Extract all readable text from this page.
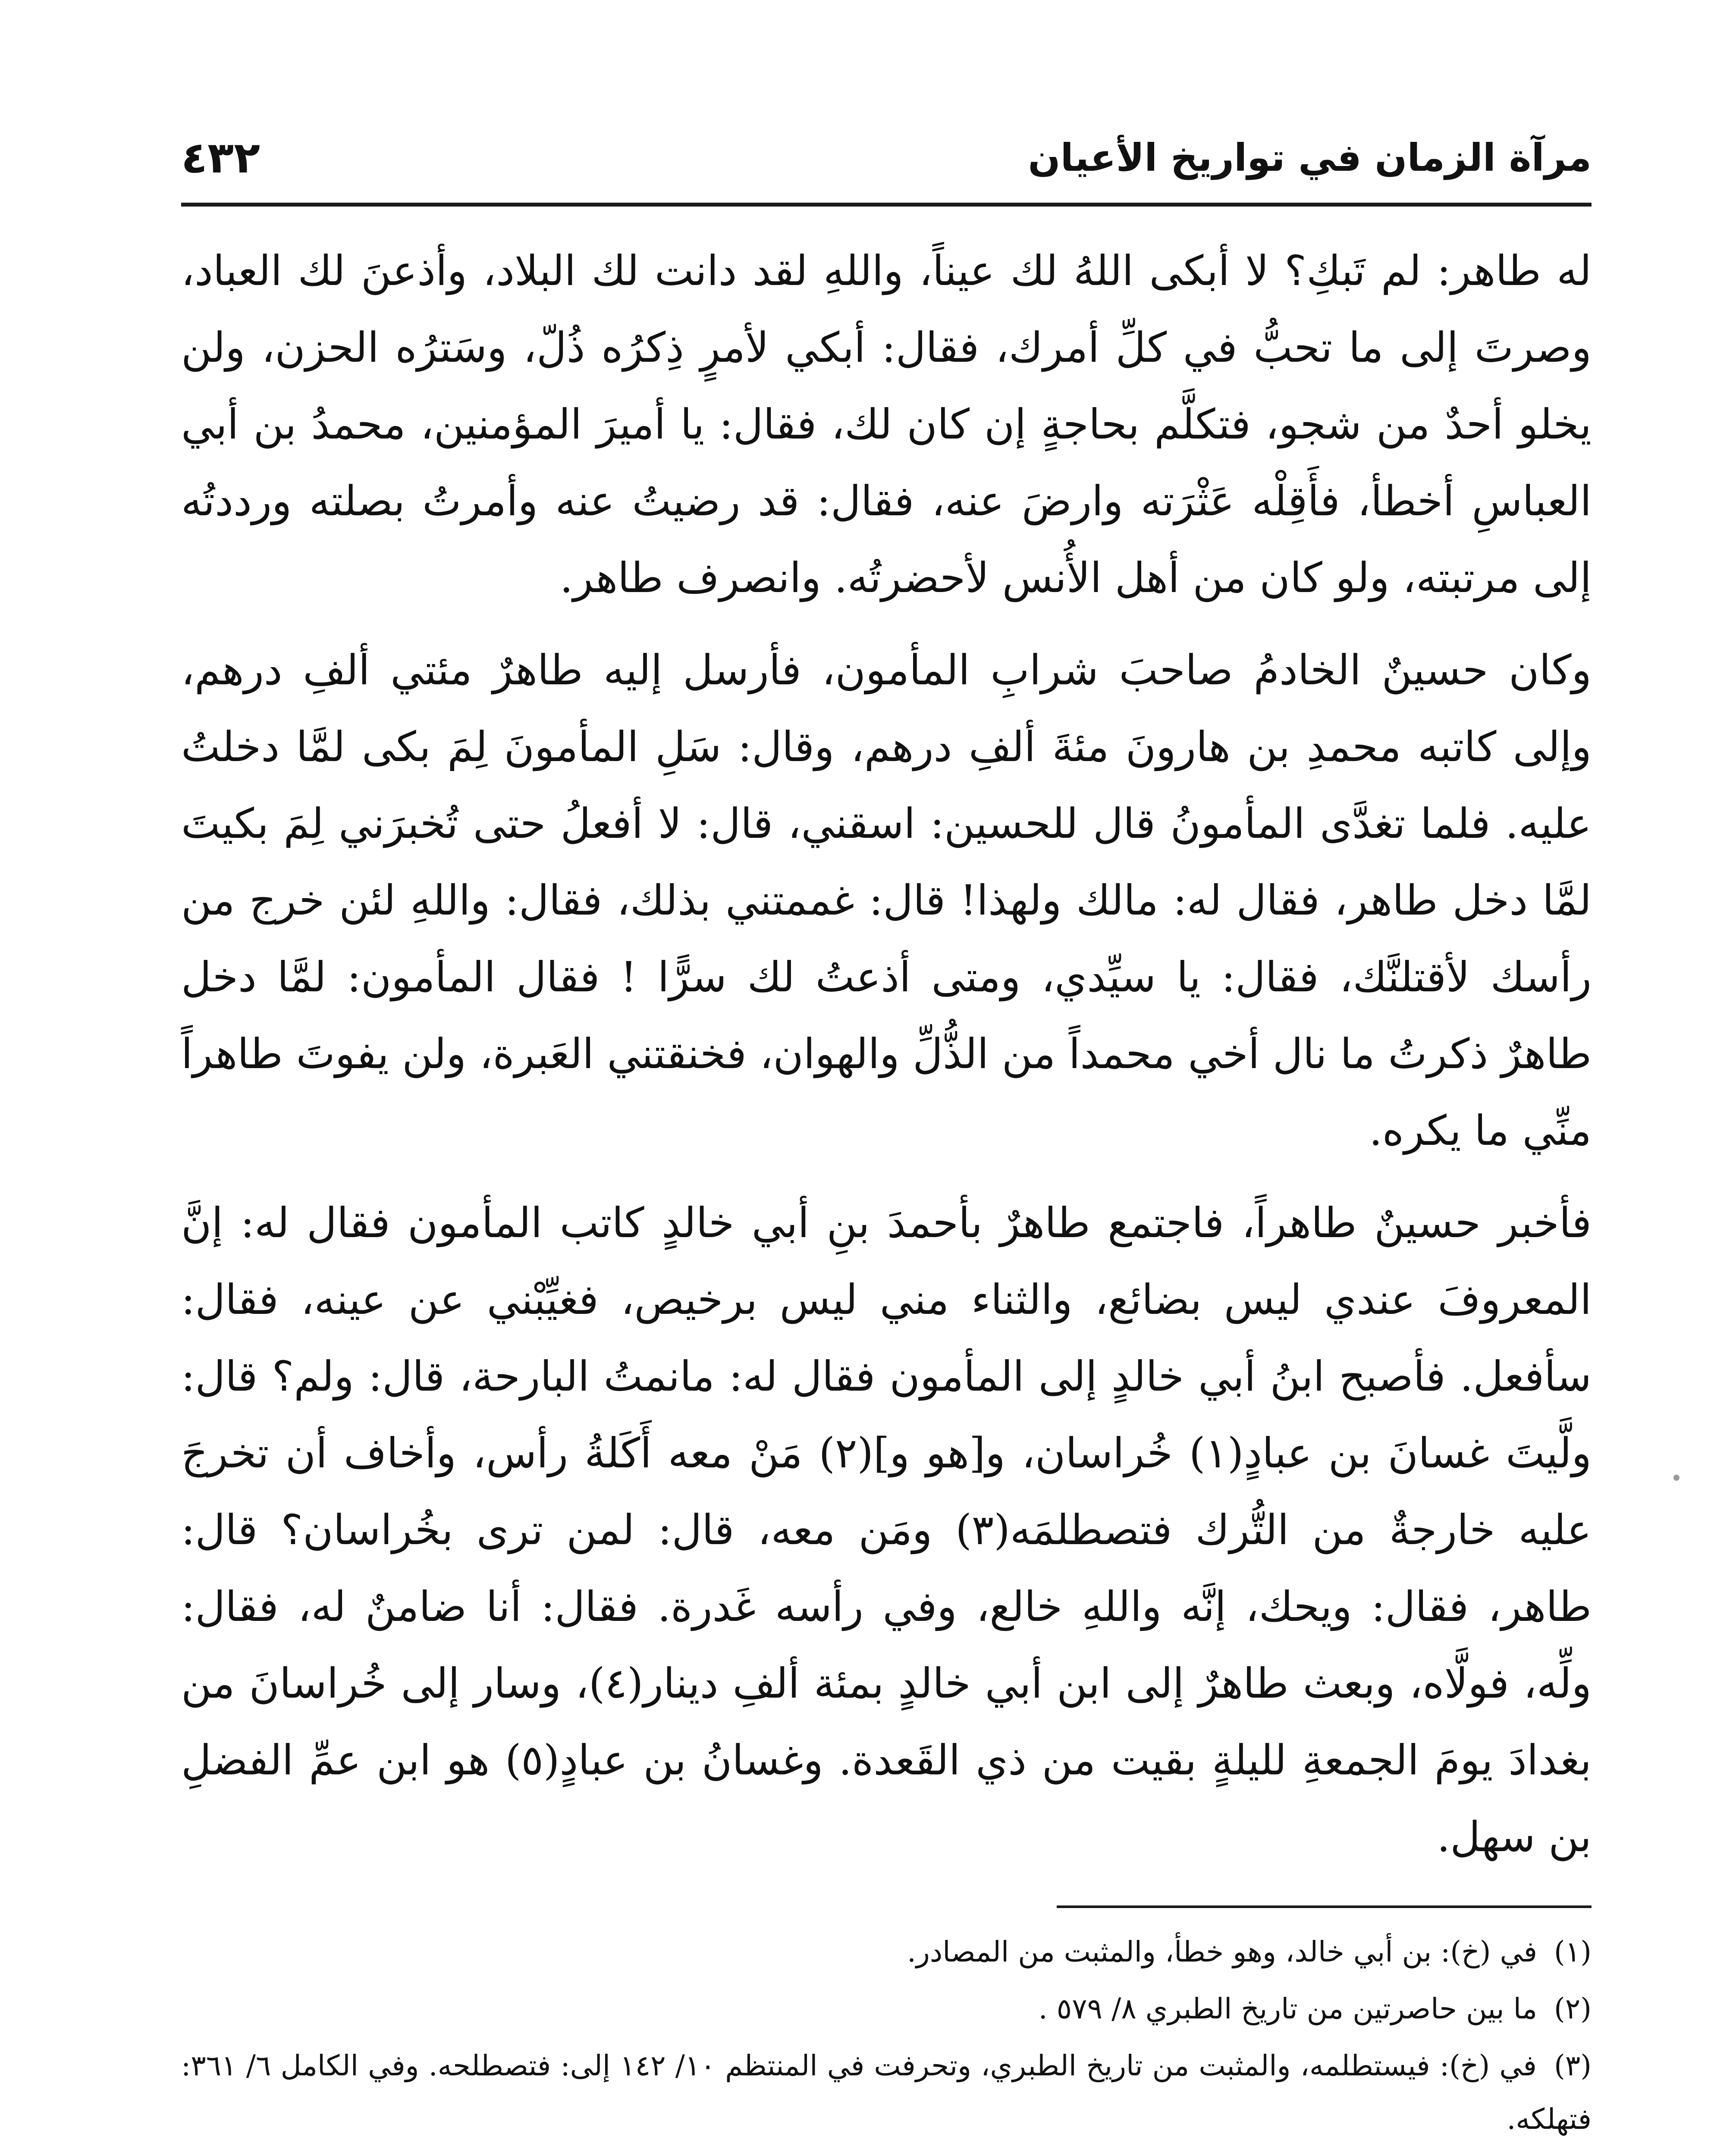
مرآة الزمان في تواريخ الأعيان
٤٣٢

له طاهر: لم تَبكِ؟ لا أبكى اللهُ لك عيناً، واللهِ لقد دانت لك البلاد، وأذعنَ لك العباد، وصرتَ إلى ما تحبُّ في كلِّ أمرك، فقال: أبكي لأمرٍ ذِكرُه ذُلّ، وسَترُه الحزن، ولن يخلو أحدٌ من شجو، فتكلَّم بحاجةٍ إن كان لك، فقال: يا أميرَ المؤمنين، محمدُ بن أبي العباسِ أخطأ، فأَقِلْه عَثْرَته وارضَ عنه، فقال: قد رضيتُ عنه وأمرتُ بصلته ورددتُه إلى مرتبته، ولو كان من أهل الأُنس لأحضرتُه. وانصرف طاهر.

وكان حسينٌ الخادمُ صاحبَ شرابِ المأمون، فأرسل إليه طاهرٌ مئتي ألفِ درهم، وإلى كاتبه محمدِ بن هارونَ مئةَ ألفِ درهم، وقال: سَلِ المأمونَ لِمَ بكى لمَّا دخلتُ عليه. فلما تغدَّى المأمونُ قال للحسين: اسقني، قال: لا أفعلُ حتى تُخبرَني لِمَ بكيتَ لمَّا دخل طاهر، فقال له: مالك ولهذا! قال: غممتني بذلك، فقال: واللهِ لئن خرج من رأسك لأقتلنَّك، فقال: يا سيِّدي، ومتى أذعتُ لك سرًّا ! فقال المأمون: لمَّا دخل طاهرٌ ذكرتُ ما نال أخي محمداً من الذُّلِّ والهوان، فخنقتني العَبرة، ولن يفوتَ طاهراً منِّي ما يكره.

فأخبر حسينٌ طاهراً، فاجتمع طاهرٌ بأحمدَ بنِ أبي خالدٍ كاتب المأمون فقال له: إنَّ المعروفَ عندي ليس بضائع، والثناء مني ليس برخيص، فغيِّبْني عن عينه، فقال: سأفعل. فأصبح ابنُ أبي خالدٍ إلى المأمون فقال له: مانمتُ البارحة، قال: ولم؟ قال: ولَّيتَ غسانَ بن عبادٍ(١) خُراسان، و[هو و](٢) مَنْ معه أَكَلةُ رأس، وأخاف أن تخرجَ عليه خارجةٌ من التُّرك فتصطلمَه(٣) ومَن معه، قال: لمن ترى بخُراسان؟ قال: طاهر، فقال: ويحك، إنَّه واللهِ خالع، وفي رأسه غَدرة. فقال: أنا ضامنٌ له، فقال: ولِّه، فولَّاه، وبعث طاهرٌ إلى ابن أبي خالدٍ بمئة ألفِ دينار(٤)، وسار إلى خُراسانَ من بغدادَ يومَ الجمعةِ لليلةٍ بقيت من ذي القَعدة. وغسانُ بن عبادٍ(٥) هو ابن عمِّ الفضلِ بن سهل.

(١) في (خ): بن أبي خالد، وهو خطأ، والمثبت من المصادر.

(٢) ما بين حاصرتين من تاريخ الطبري ٨/ ٥٧٩ .

(٣) في (خ): فيستطلمه، والمثبت من تاريخ الطبري، وتحرفت في المنتظم ١٠/ ١٤٢ إلى: فتصطلحه. وفي الكامل ٦/ ٣٦١: فتهلكه.
